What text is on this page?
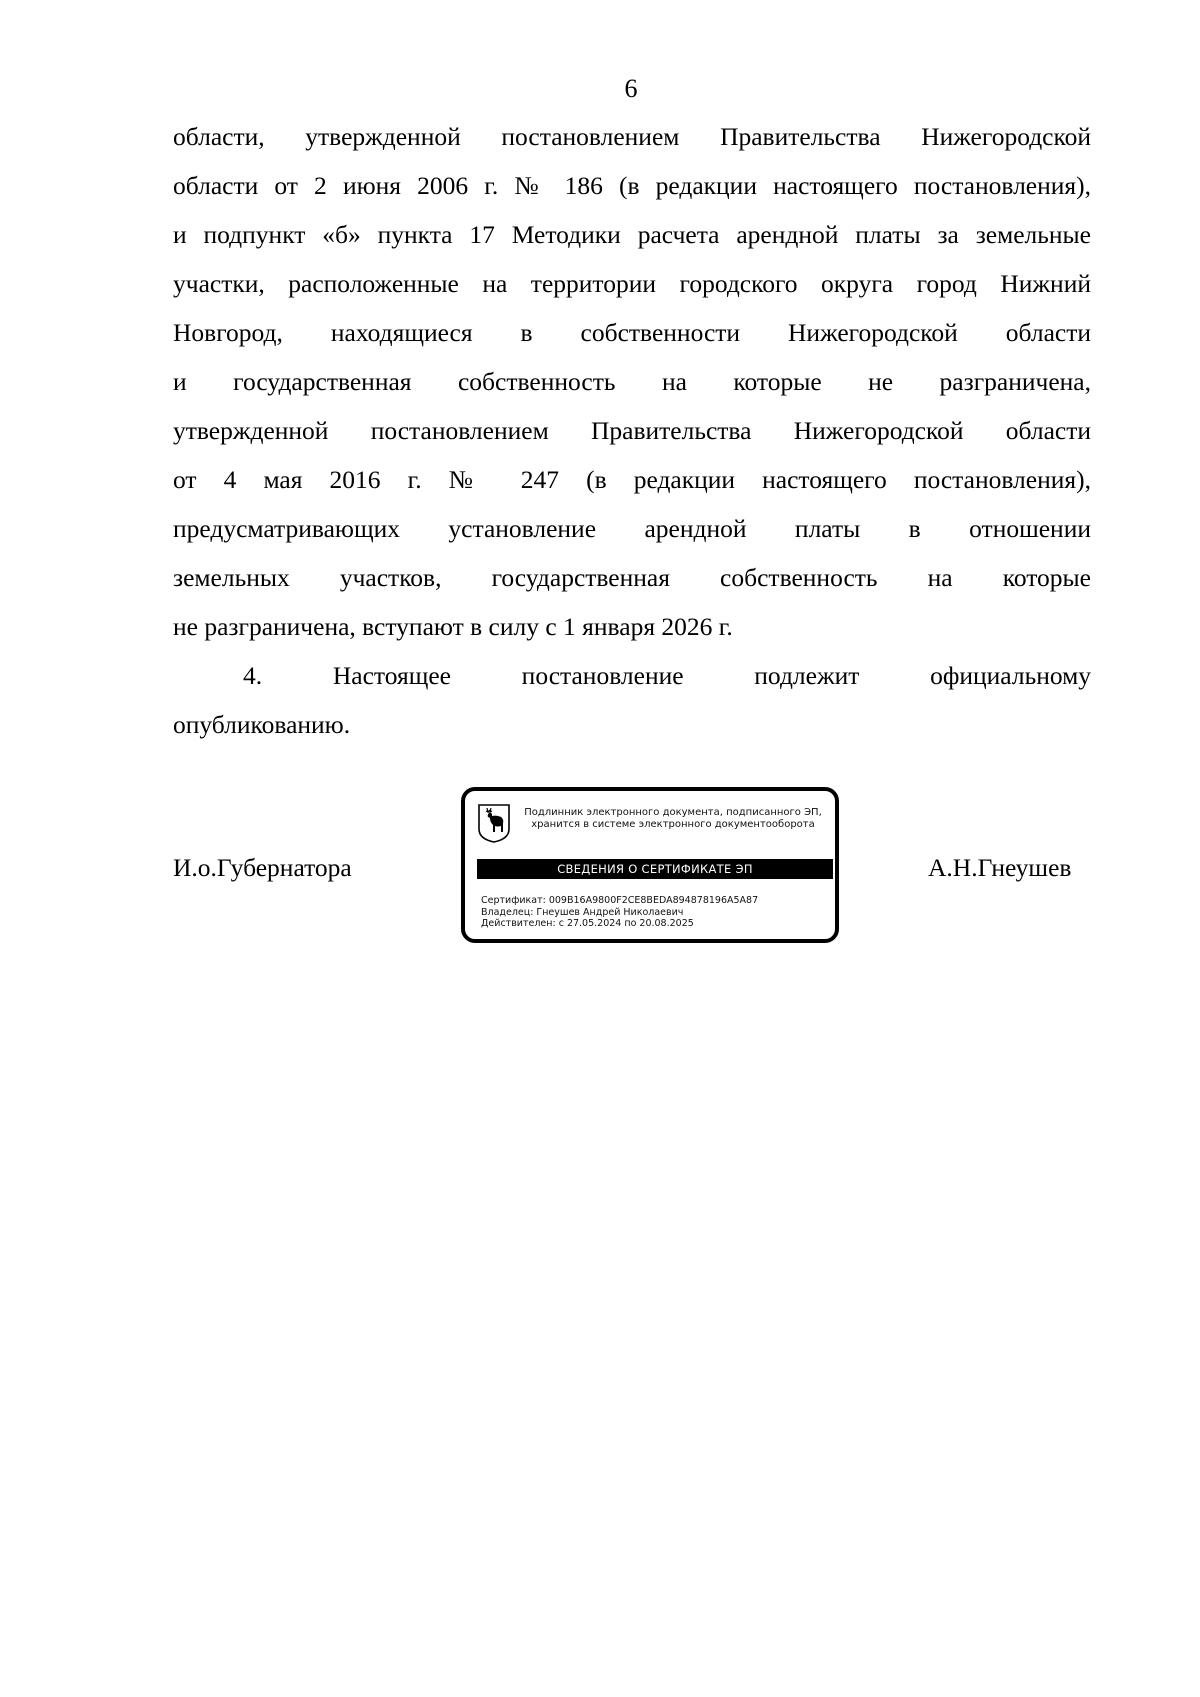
6

области, утвержденной постановлением Правительства Нижегородской
области от 2 июня 2006 г. № 186 (в редакции настоящего постановления),
и подпункт «б» пункта 17 Методики расчета арендной платы за земельные
участки, расположенные на территории городского округа город Нижний
Новгород, находящиеся в собственности Нижегородской области
и государственная собственность на которые не разграничена,
утвержденной постановлением Правительства Нижегородской области
от 4 мая 2016 г. № 247 (в редакции настоящего постановления),
предусматривающих установление арендной платы в отношении
земельных участков, государственная собственность на которые
не разграничена, вступают в силу с 1 января 2026 г.

4. Настоящее постановление подлежит официальному
опубликованию.

И.о.Губернатора
Подлинник электронного документа, подписанного ЭП,
хранится в системе электронного документооборота
СВЕДЕНИЯ О СЕРТИФИКАТЕ ЭП
Сертификат: 009B16A9800F2CE8BEDA894878196A5A87
Владелец: Гнеушев Андрей Николаевич
Действителен: с 27.05.2024 по 20.08.2025
А.Н.Гнеушев
